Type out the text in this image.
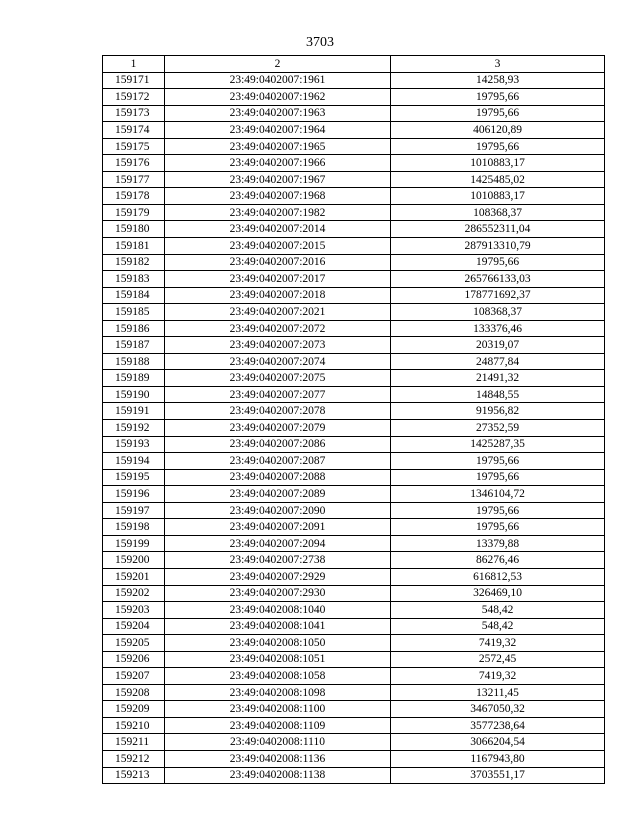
3703
1	2	3
159171	23:49:0402007:1961	14258,93
159172	23:49:0402007:1962	19795,66
159173	23:49:0402007:1963	19795,66
159174	23:49:0402007:1964	406120,89
159175	23:49:0402007:1965	19795,66
159176	23:49:0402007:1966	1010883,17
159177	23:49:0402007:1967	1425485,02
159178	23:49:0402007:1968	1010883,17
159179	23:49:0402007:1982	108368,37
159180	23:49:0402007:2014	286552311,04
159181	23:49:0402007:2015	287913310,79
159182	23:49:0402007:2016	19795,66
159183	23:49:0402007:2017	265766133,03
159184	23:49:0402007:2018	178771692,37
159185	23:49:0402007:2021	108368,37
159186	23:49:0402007:2072	133376,46
159187	23:49:0402007:2073	20319,07
159188	23:49:0402007:2074	24877,84
159189	23:49:0402007:2075	21491,32
159190	23:49:0402007:2077	14848,55
159191	23:49:0402007:2078	91956,82
159192	23:49:0402007:2079	27352,59
159193	23:49:0402007:2086	1425287,35
159194	23:49:0402007:2087	19795,66
159195	23:49:0402007:2088	19795,66
159196	23:49:0402007:2089	1346104,72
159197	23:49:0402007:2090	19795,66
159198	23:49:0402007:2091	19795,66
159199	23:49:0402007:2094	13379,88
159200	23:49:0402007:2738	86276,46
159201	23:49:0402007:2929	616812,53
159202	23:49:0402007:2930	326469,10
159203	23:49:0402008:1040	548,42
159204	23:49:0402008:1041	548,42
159205	23:49:0402008:1050	7419,32
159206	23:49:0402008:1051	2572,45
159207	23:49:0402008:1058	7419,32
159208	23:49:0402008:1098	13211,45
159209	23:49:0402008:1100	3467050,32
159210	23:49:0402008:1109	3577238,64
159211	23:49:0402008:1110	3066204,54
159212	23:49:0402008:1136	1167943,80
159213	23:49:0402008:1138	3703551,17
